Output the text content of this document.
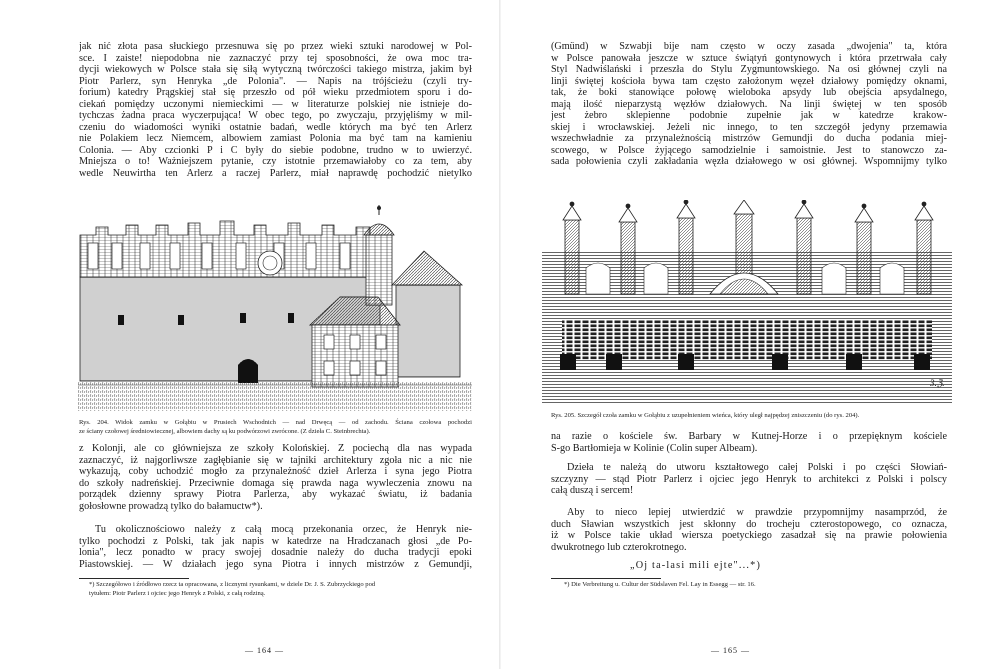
jak nić złota pasa słuckiego przesnuwa się po przez wieki sztuki narodowej w Pol-
sce. I zaiste! niepodobna nie zaznaczyć przy tej sposobności, że owa moc tra-
dycji wiekowych w Polsce stała się siłą wytyczną twórczości takiego mistrza, jakim był
Piotr Parlerz, syn Henryka „de Polonia". — Napis na trójścieżu (czyli try-
forium) katedry Prągskiej stał się przeszło od pół wieku przedmiotem sporu i do-
ciekań pomiędzy uczonymi niemieckimi — w literaturze polskiej nie istnieje do-
tychczas żadna praca wyczerpująca! W obec tego, po zwyczaju, przyjęliśmy w mil-
czeniu do wiadomości wyniki ostatnie badań, wedle których ma być ten Arlerz
nie Polakiem lecz Niemcem, albowiem zamiast Polonia ma być tam na kamieniu
Colonia. — Aby czcionki P i C były do siebie podobne, trudno w to uwierzyć.
Mniejsza o to! Ważniejszem pytanie, czy istotnie przemawiałoby co za tem, aby
wedle Neuwirtha ten Arlerz a raczej Parlerz, miał naprawdę pochodzić nietylko
Rys. 204. Widok zamku w Gołąbiu w Prusiech Wschodnich — nad Drwęcą — od zachodu. Ściana czołowa pochodzi
ze ściany czołowej średniowiecznej, albowiem dachy są ku podwórzowi zwrócone. (Z dzieła C. Steinbrechta).
z Kolonji, ale co główniejsza ze szkoły Kolońskiej. Z pociechą dla nas wypada
zaznaczyć, iż najgorliwsze zagłębianie się w tajniki architektury zgoła nic a nic nie
wykazują, coby uchodzić mogło za przynależność dzieł Arlerza i syna jego Piotra
do szkoły nadreńskiej. Przeciwnie domaga się prawda naga wywleczenia znowu na
porządek dzienny sprawy Piotra Parlerza, aby wykazać światu, iż badania
gołosłowne prowadzą tylko do bałamuctw*).
Tu okolicznościowo należy z całą mocą przekonania orzec, że Henryk nie-
tylko pochodzi z Polski, tak jak napis w katedrze na Hradczanach głosi „de Po-
lonia", lecz ponadto w pracy swojej dosadnie należy do ducha tradycji epoki
Piastowskiej. — W działach jego syna Piotra i innych mistrzów z Gemundji,
*) Szczegółowo i źródłowo rzecz ta opracowana, z licznymi rysunkami, w dziele Dr. J. S. Zubrzyckiego pod
tytułem: Piotr Parlerz i ojciec jego Henryk z Polski, z całą rodziną.
— 164 —
(Gmünd) w Szwabji bije nam często w oczy zasada „dwojenia" ta, która
w Polsce panowała jeszcze w sztuce świątyń gontynowych i która przetrwała cały
Styl Nadwiślański i przeszła do Stylu Zygmuntowskiego. Na osi głównej czyli na
linji świętej kościoła bywa tam często założonym węzeł działowy pomiędzy oknami,
tak, że boki stanowiące połowę wieloboka apsydy lub obejścia apsydalnego,
mają ilość nieparzystą węzłów działowych. Na linji świętej w ten sposób
jest żebro sklepienne podobnie zupełnie jak w katedrze krakow-
skiej i wrocławskiej. Jeżeli nic innego, to ten szczegół jedyny przemawia
wszechwładnie za przynależnością mistrzów Gemundji do ducha podania miej-
scowego, w Polsce żyjącego samodzielnie i samoistnie. Jest to stanowczo za-
sada połowienia czyli zakładania węzła działowego w osi głównej. Wspomnijmy tylko
3.ℨ.
Rys. 205. Szczegół czoła zamku w Gołąbiu z uzupełnieniem wieńca, który uległ najpędzej zniszczeniu (do rys. 204).
na razie o kościele św. Barbary w Kutnej-Horze i o przepięknym kościele
Ś-go Bartłomieja w Kolinie (Colin super Albeam).
Dzieła te należą do utworu kształtowego całej Polski i po części Słowiań-
szczyzny — stąd Piotr Parlerz i ojciec jego Henryk to architekci z Polski i polscy
całą duszą i sercem!
Aby to nieco lepiej utwierdzić w prawdzie przypomnijmy nasamprzód, że
duch Sławian wszystkich jest skłonny do trocheju czterostopowego, co oznacza,
iż w Polsce takie układ wiersza poetyckiego zasadzał się na prawie połowienia
dwukrotnego lub czterokrotnego.
„Oj ta-lasi mili ejte"...*)
*) Die Verbreitung u. Cultur der Südslaven Fel. Lay in Essegg — str. 16.
— 165 —
